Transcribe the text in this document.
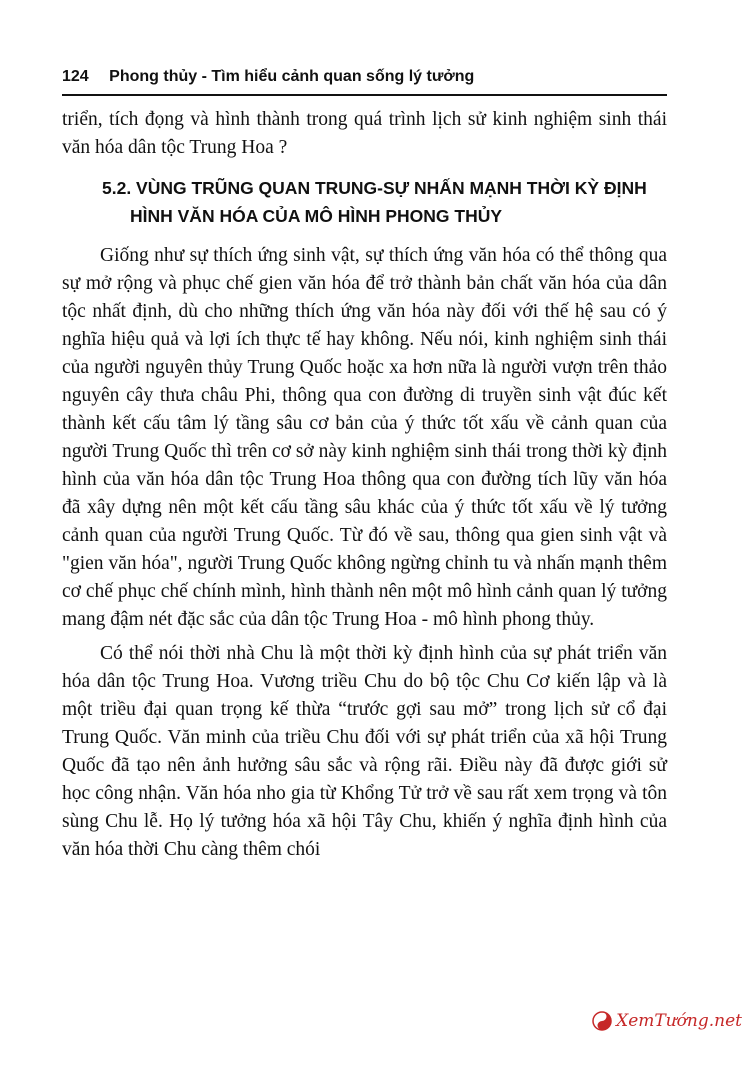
124 Phong thủy - Tìm hiểu cảnh quan sống lý tưởng

triển, tích đọng và hình thành trong quá trình lịch sử kinh nghiệm sinh thái văn hóa dân tộc Trung Hoa ?

5.2. VÙNG TRŨNG QUAN TRUNG-SỰ NHẤN MẠNH THỜI KỲ ĐỊNH
HÌNH VĂN HÓA CỦA MÔ HÌNH PHONG THỦY

Giống như sự thích ứng sinh vật, sự thích ứng văn hóa có thể thông qua sự mở rộng và phục chế gien văn hóa để trở thành bản chất văn hóa của dân tộc nhất định, dù cho những thích ứng văn hóa này đối với thế hệ sau có ý nghĩa hiệu quả và lợi ích thực tế hay không. Nếu nói, kinh nghiệm sinh thái của người nguyên thủy Trung Quốc hoặc xa hơn nữa là người vượn trên thảo nguyên cây thưa châu Phi, thông qua con đường di truyền sinh vật đúc kết thành kết cấu tâm lý tầng sâu cơ bản của ý thức tốt xấu về cảnh quan của người Trung Quốc thì trên cơ sở này kinh nghiệm sinh thái trong thời kỳ định hình của văn hóa dân tộc Trung Hoa thông qua con đường tích lũy văn hóa đã xây dựng nên một kết cấu tầng sâu khác của ý thức tốt xấu về lý tưởng cảnh quan của người Trung Quốc. Từ đó về sau, thông qua gien sinh vật và "gien văn hóa", người Trung Quốc không ngừng chỉnh tu và nhấn mạnh thêm cơ chế phục chế chính mình, hình thành nên một mô hình cảnh quan lý tưởng mang đậm nét đặc sắc của dân tộc Trung Hoa - mô hình phong thủy.

Có thể nói thời nhà Chu là một thời kỳ định hình của sự phát triển văn hóa dân tộc Trung Hoa. Vương triều Chu do bộ tộc Chu Cơ kiến lập và là một triều đại quan trọng kế thừa “trước gợi sau mở” trong lịch sử cổ đại Trung Quốc. Văn minh của triều Chu đối với sự phát triển của xã hội Trung Quốc đã tạo nên ảnh hưởng sâu sắc và rộng rãi. Điều này đã được giới sử học công nhận. Văn hóa nho gia từ Khổng Tử trở về sau rất xem trọng và tôn sùng Chu lễ. Họ lý tưởng hóa xã hội Tây Chu, khiến ý nghĩa định hình của văn hóa thời Chu càng thêm chói

XemTướng.net
